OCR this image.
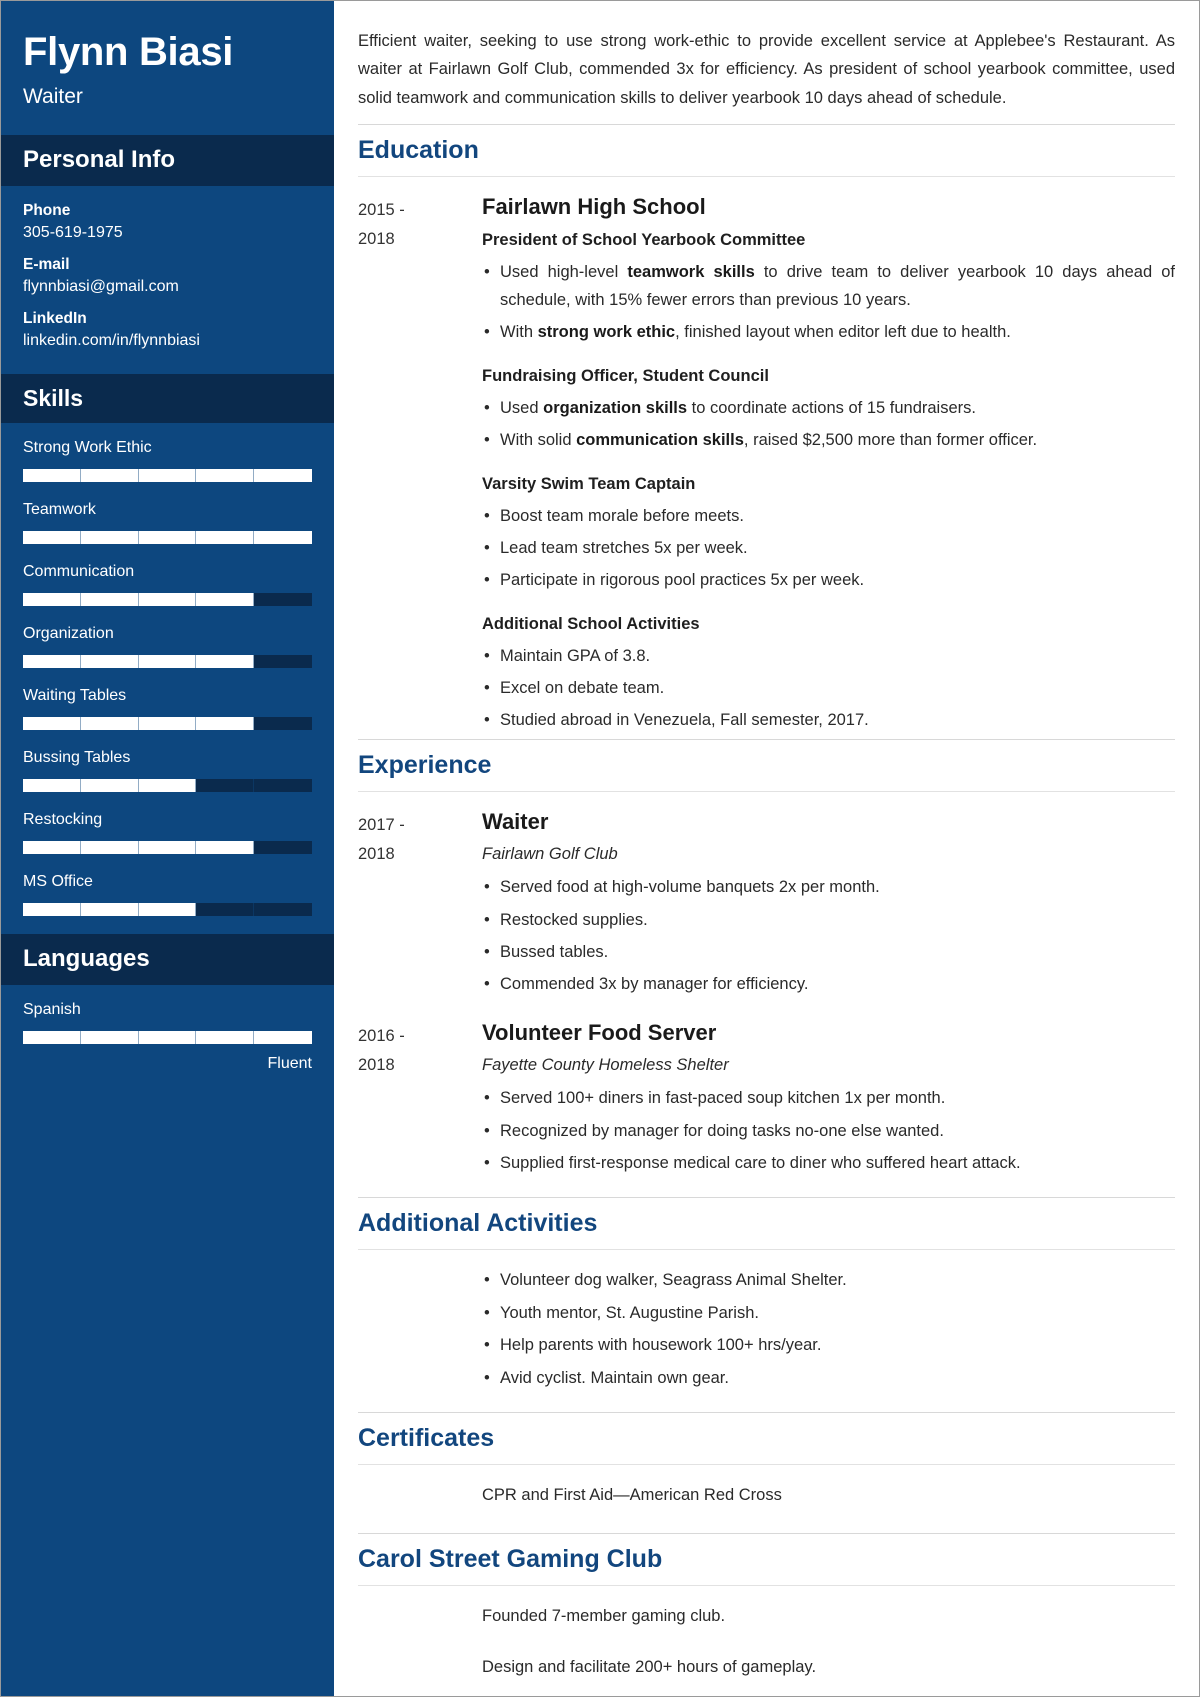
Flynn Biasi
Waiter
Personal Info
Phone
305-619-1975
E-mail
flynnbiasi@gmail.com
LinkedIn
linkedin.com/in/flynnbiasi
Skills
Strong Work Ethic
Teamwork
Communication
Organization
Waiting Tables
Bussing Tables
Restocking
MS Office
Languages
Spanish
Fluent
Efficient waiter, seeking to use strong work-ethic to provide excellent service at Applebee's Restaurant. As waiter at Fairlawn Golf Club, commended 3x for efficiency. As president of school yearbook committee, used solid teamwork and communication skills to deliver yearbook 10 days ahead of schedule.
Education
2015 -
2018
Fairlawn High School
President of School Yearbook Committee
• Used high-level teamwork skills to drive team to deliver yearbook 10 days ahead of schedule, with 15% fewer errors than previous 10 years.
• With strong work ethic, finished layout when editor left due to health.
Fundraising Officer, Student Council
• Used organization skills to coordinate actions of 15 fundraisers.
• With solid communication skills, raised $2,500 more than former officer.
Varsity Swim Team Captain
• Boost team morale before meets.
• Lead team stretches 5x per week.
• Participate in rigorous pool practices 5x per week.
Additional School Activities
• Maintain GPA of 3.8.
• Excel on debate team.
• Studied abroad in Venezuela, Fall semester, 2017.
Experience
2017 -
2018
Waiter
Fairlawn Golf Club
• Served food at high-volume banquets 2x per month.
• Restocked supplies.
• Bussed tables.
• Commended 3x by manager for efficiency.
2016 -
2018
Volunteer Food Server
Fayette County Homeless Shelter
• Served 100+ diners in fast-paced soup kitchen 1x per month.
• Recognized by manager for doing tasks no-one else wanted.
• Supplied first-response medical care to diner who suffered heart attack.
Additional Activities
• Volunteer dog walker, Seagrass Animal Shelter.
• Youth mentor, St. Augustine Parish.
• Help parents with housework 100+ hrs/year.
• Avid cyclist. Maintain own gear.
Certificates
CPR and First Aid—American Red Cross
Carol Street Gaming Club
Founded 7-member gaming club.
Design and facilitate 200+ hours of gameplay.
